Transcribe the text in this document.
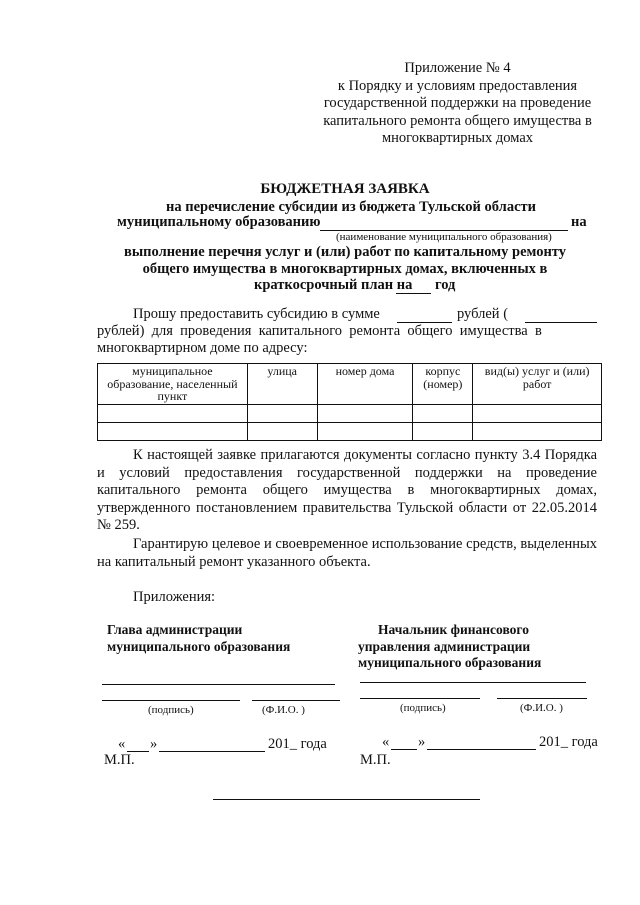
Приложение № 4
к Порядку и условиям предоставления
государственной поддержки на проведение
капитального ремонта общего имущества в
многоквартирных домах
БЮДЖЕТНАЯ ЗАЯВКА
на перечисление субсидии из бюджета Тульской области
муниципальному образованию	на
(наименование муниципального образования)
выполнение перечня услуг и (или) работ по капитальному ремонту
общего имущества в многоквартирных домах, включенных в
краткосрочный план на год
Прошу предоставить субсидию в сумме	рублей (
рублей)  для  проведения  капитального  ремонта  общего  имущества  в
многоквартирном доме по адресу:
муниципальное образование, населенный пункт	улица	номер дома	корпус (номер)	вид(ы) услуг и (или) работ

К настоящей заявке прилагаются документы согласно пункту 3.4 Порядка и условий предоставления государственной поддержки на проведение капитального ремонта общего имущества в многоквартирных домах, утвержденного постановлением правительства Тульской области от 22.05.2014 № 259.
Гарантирую целевое и своевременное использование средств, выделенных на капитальный ремонт указанного объекта.
Приложения:
Глава администрации
муниципального образования
(подпись)	(Ф.И.О. )
« »	201_ года
М.П.
Начальник финансового
управления администрации
муниципального образования
(подпись)	(Ф.И.О. )
« »	201_ года
М.П.
